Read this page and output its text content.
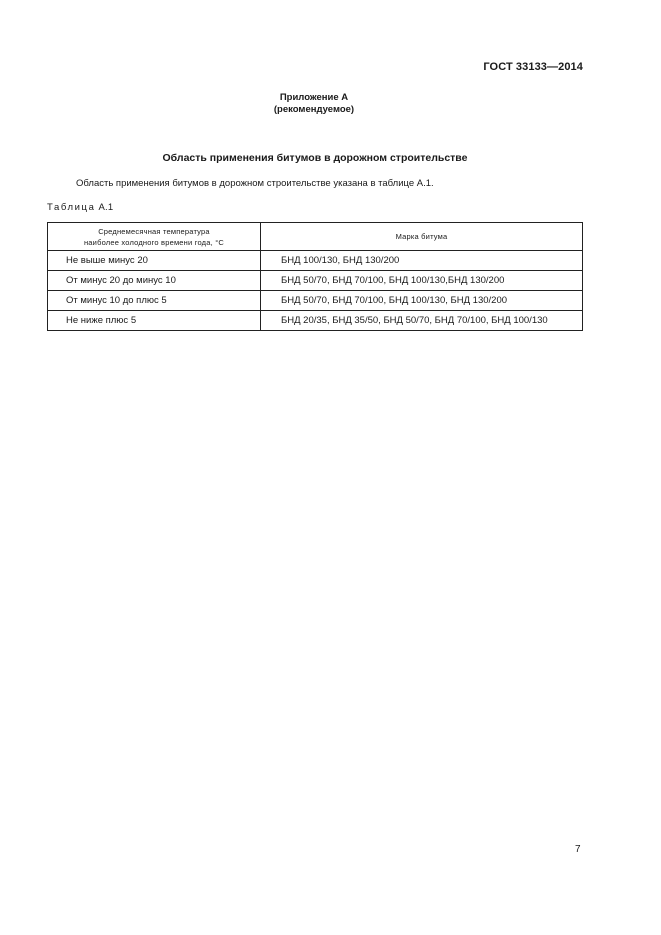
ГОСТ 33133—2014
Приложение А
(рекомендуемое)
Область применения битумов в дорожном строительстве
Область применения битумов в дорожном строительстве указана в таблице А.1.
Таблица А.1
Среднемесячная температура
наиболее холодного времени года, °С	Марка битума
Не выше минус 20	БНД 100/130, БНД 130/200
От минус 20 до минус 10	БНД 50/70, БНД 70/100, БНД 100/130,БНД 130/200
От минус 10 до плюс 5	БНД 50/70, БНД 70/100, БНД 100/130, БНД 130/200
Не ниже плюс 5	БНД 20/35, БНД 35/50, БНД 50/70, БНД 70/100, БНД 100/130
7
